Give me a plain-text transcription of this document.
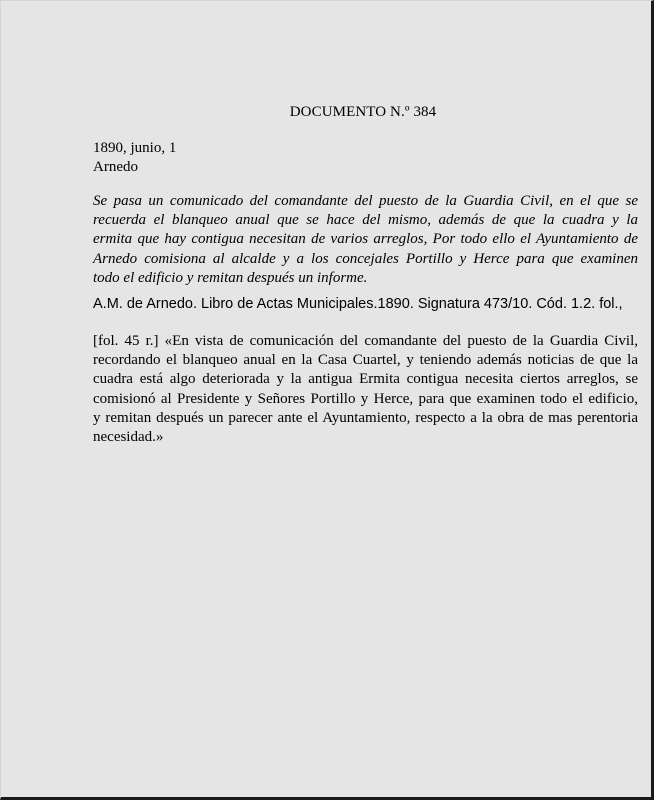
DOCUMENTO N.º 384
1890, junio, 1
Arnedo
Se pasa un comunicado del comandante del puesto de la Guardia Civil, en el que se
recuerda el blanqueo anual que se hace del mismo, además de que la cuadra y la
ermita que hay contigua necesitan de varios arreglos, Por todo ello el Ayuntamiento de
Arnedo comisiona al alcalde y a los concejales Portillo y Herce para que examinen
todo el edificio y remitan después un informe.
A.M. de Arnedo. Libro de Actas Municipales.1890. Signatura 473/10. Cód. 1.2. fol.,
[fol. 45 r.] «En vista de comunicación del comandante del puesto de la Guardia Civil,
recordando el blanqueo anual en la Casa Cuartel, y teniendo además noticias de que la
cuadra está algo deteriorada y la antigua Ermita contigua necesita ciertos arreglos, se
comisionó al Presidente y Señores Portillo y Herce, para que examinen todo el edificio,
y remitan después un parecer ante el Ayuntamiento, respecto a la obra de mas perentoria
necesidad.»
